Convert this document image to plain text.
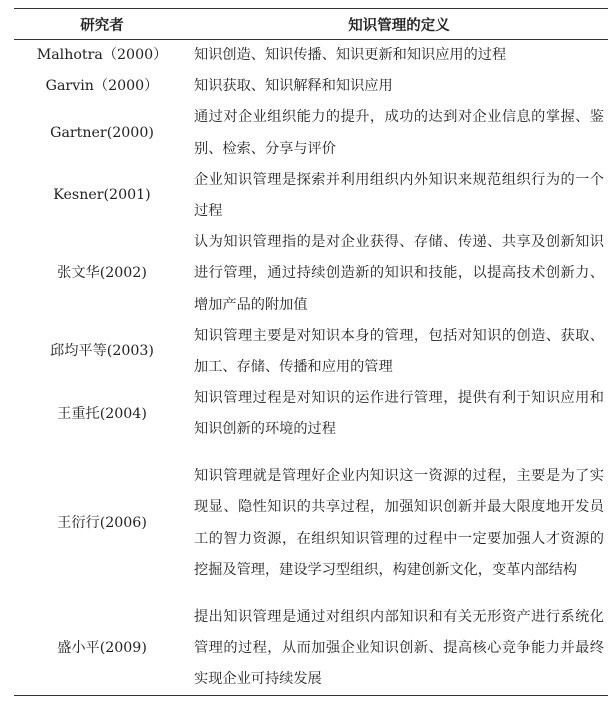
研究者	知识管理的定义
Malhotra（2000）	知识创造、知识传播、知识更新和知识应用的过程
Garvin（2000）	知识获取、知识解释和知识应用
Gartner(2000)	通过对企业组织能力的提升，成功的达到对企业信息的掌握、鉴别、检索、分享与评价
Kesner(2001)	企业知识管理是探索并利用组织内外知识来规范组织行为的一个过程
张文华(2002)	认为知识管理指的是对企业获得、存储、传递、共享及创新知识进行管理，通过持续创造新的知识和技能，以提高技术创新力、增加产品的附加值
邱均平等(2003)	知识管理主要是对知识本身的管理，包括对知识的创造、获取、加工、存储、传播和应用的管理
王重托(2004)	知识管理过程是对知识的运作进行管理，提供有利于知识应用和知识创新的环境的过程
王衍行(2006)	知识管理就是管理好企业内知识这一资源的过程，主要是为了实现显、隐性知识的共享过程，加强知识创新并最大限度地开发员工的智力资源，在组织知识管理的过程中一定要加强人才资源的挖掘及管理，建设学习型组织，构建创新文化，变革内部结构
盛小平(2009)	提出知识管理是通过对组织内部知识和有关无形资产进行系统化管理的过程，从而加强企业知识创新、提高核心竞争能力并最终实现企业可持续发展
